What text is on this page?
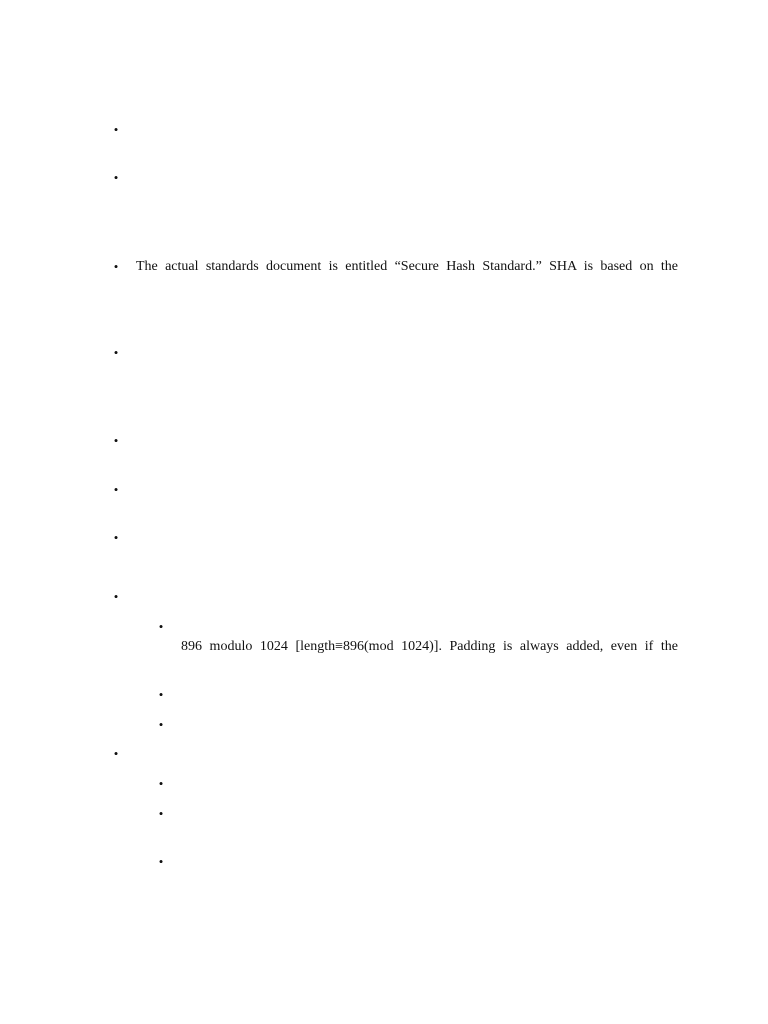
•
•
• The actual standards document is entitled “Secure Hash Standard.” SHA is based on the
•
•
•
•
•
•
896 modulo 1024 [length≡896(mod 1024)]. Padding is always added, even if the
•
•
•
•
•
•
